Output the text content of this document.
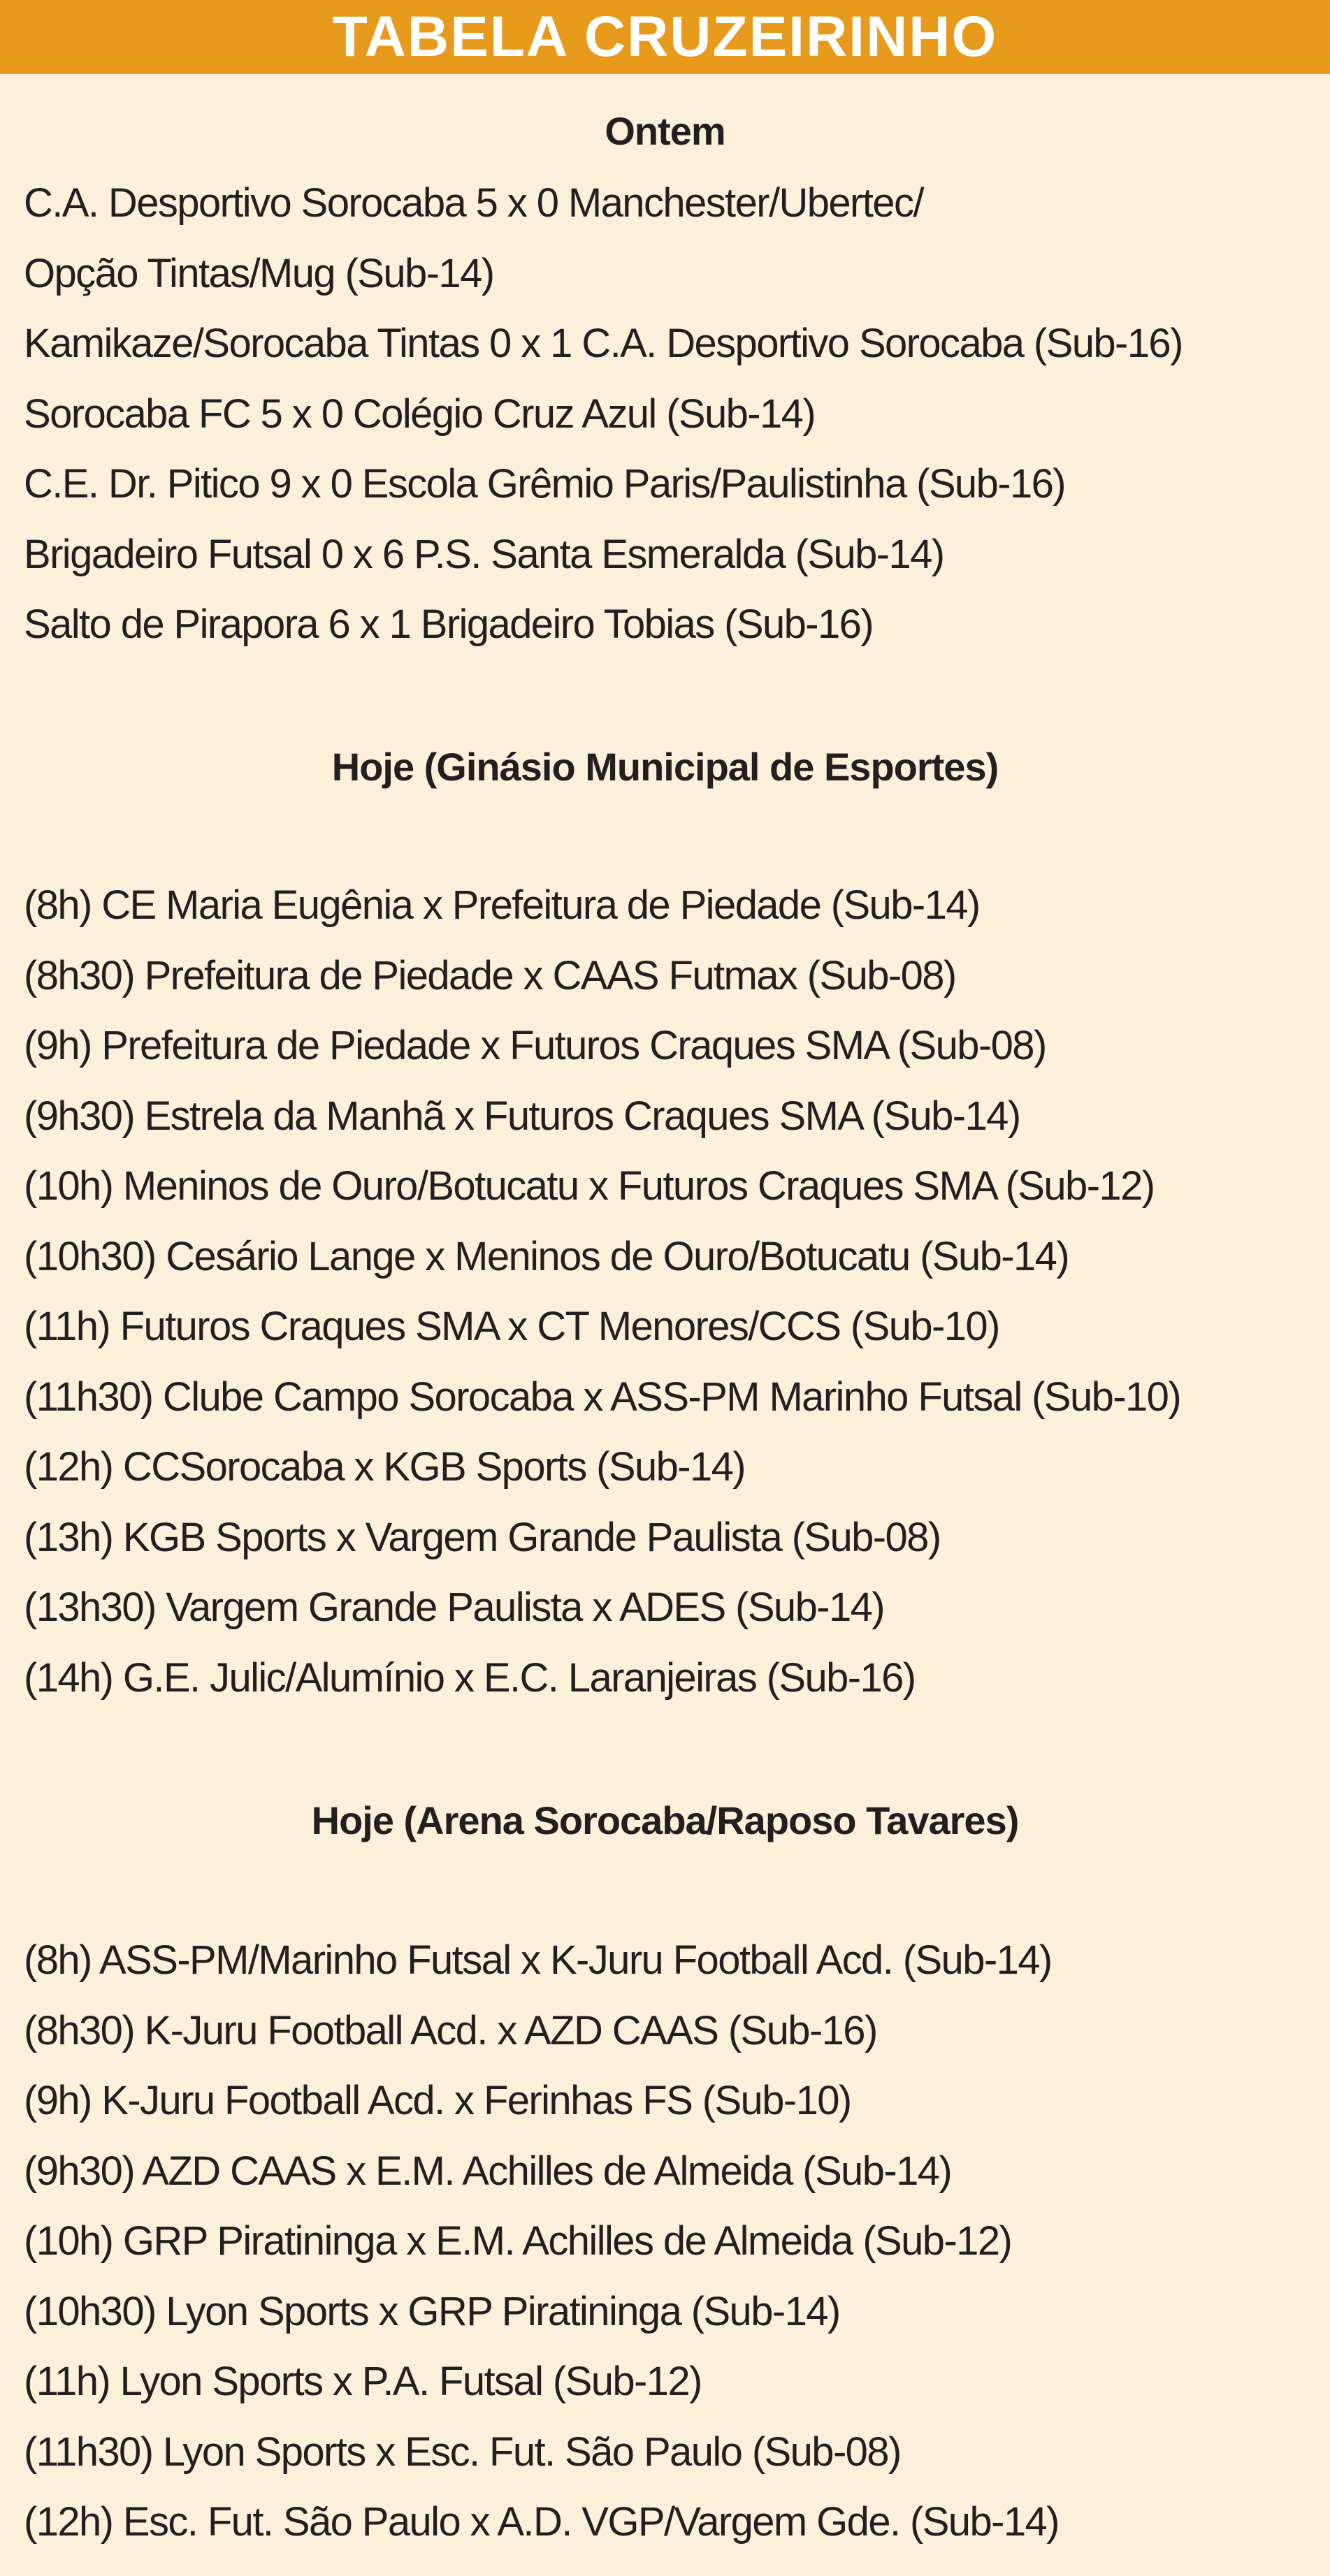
TABELA CRUZEIRINHO
Ontem
C.A. Desportivo Sorocaba 5 x 0 Manchester/Ubertec/
Opção Tintas/Mug (Sub-14)
Kamikaze/Sorocaba Tintas 0 x 1 C.A. Desportivo Sorocaba (Sub-16)
Sorocaba FC 5 x 0 Colégio Cruz Azul (Sub-14)
C.E. Dr. Pitico 9 x 0 Escola Grêmio Paris/Paulistinha (Sub-16)
Brigadeiro Futsal 0 x 6 P.S. Santa Esmeralda (Sub-14)
Salto de Pirapora 6 x 1 Brigadeiro Tobias (Sub-16)
Hoje (Ginásio Municipal de Esportes)
(8h) CE Maria Eugênia x Prefeitura de Piedade (Sub-14)
(8h30) Prefeitura de Piedade x CAAS Futmax (Sub-08)
(9h) Prefeitura de Piedade x Futuros Craques SMA (Sub-08)
(9h30) Estrela da Manhã x Futuros Craques SMA (Sub-14)
(10h) Meninos de Ouro/Botucatu x Futuros Craques SMA (Sub-12)
(10h30) Cesário Lange x Meninos de Ouro/Botucatu (Sub-14)
(11h) Futuros Craques SMA x CT Menores/CCS (Sub-10)
(11h30) Clube Campo Sorocaba x ASS-PM Marinho Futsal (Sub-10)
(12h) CCSorocaba x KGB Sports (Sub-14)
(13h) KGB Sports x Vargem Grande Paulista (Sub-08)
(13h30) Vargem Grande Paulista x ADES (Sub-14)
(14h) G.E. Julic/Alumínio x E.C. Laranjeiras (Sub-16)
Hoje (Arena Sorocaba/Raposo Tavares)
(8h) ASS-PM/Marinho Futsal x K-Juru Football Acd. (Sub-14)
(8h30) K-Juru Football Acd. x AZD CAAS (Sub-16)
(9h) K-Juru Football Acd. x Ferinhas FS (Sub-10)
(9h30) AZD CAAS x E.M. Achilles de Almeida (Sub-14)
(10h) GRP Piratininga x E.M. Achilles de Almeida (Sub-12)
(10h30) Lyon Sports x GRP Piratininga (Sub-14)
(11h) Lyon Sports x P.A. Futsal (Sub-12)
(11h30) Lyon Sports x Esc. Fut. São Paulo (Sub-08)
(12h) Esc. Fut. São Paulo x A.D. VGP/Vargem Gde. (Sub-14)
